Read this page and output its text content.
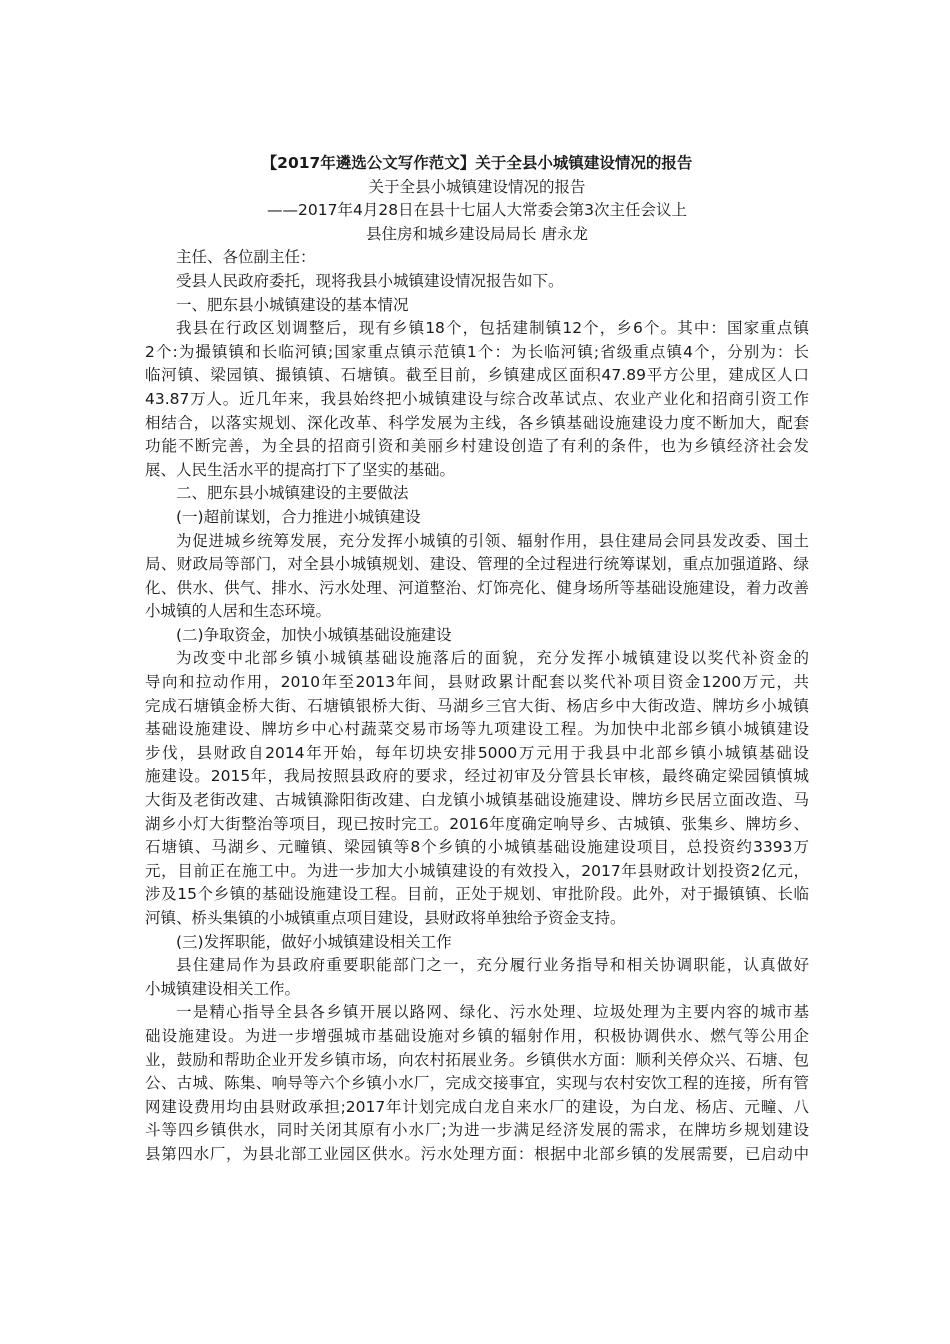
【2017年遴选公文写作范文】关于全县小城镇建设情况的报告
关于全县小城镇建设情况的报告
——2017年4月28日在县十七届人大常委会第3次主任会议上
县住房和城乡建设局局长 唐永龙
主任、各位副主任：
受县人民政府委托，现将我县小城镇建设情况报告如下。
一、肥东县小城镇建设的基本情况
我县在行政区划调整后，现有乡镇18个，包括建制镇12个，乡6个。其中：国家重点镇
2个:为撮镇镇和长临河镇;国家重点镇示范镇1个：为长临河镇;省级重点镇4个，分别为：长
临河镇、梁园镇、撮镇镇、石塘镇。截至目前，乡镇建成区面积47.89平方公里，建成区人口
43.87万人。近几年来，我县始终把小城镇建设与综合改革试点、农业产业化和招商引资工作
相结合，以落实规划、深化改革、科学发展为主线，各乡镇基础设施建设力度不断加大，配套
功能不断完善，为全县的招商引资和美丽乡村建设创造了有利的条件，也为乡镇经济社会发
展、人民生活水平的提高打下了坚实的基础。
二、肥东县小城镇建设的主要做法
(一)超前谋划，合力推进小城镇建设
为促进城乡统筹发展，充分发挥小城镇的引领、辐射作用，县住建局会同县发改委、国土
局、财政局等部门，对全县小城镇规划、建设、管理的全过程进行统筹谋划，重点加强道路、绿
化、供水、供气、排水、污水处理、河道整治、灯饰亮化、健身场所等基础设施建设，着力改善
小城镇的人居和生态环境。
(二)争取资金，加快小城镇基础设施建设
为改变中北部乡镇小城镇基础设施落后的面貌，充分发挥小城镇建设以奖代补资金的
导向和拉动作用，2010年至2013年间，县财政累计配套以奖代补项目资金1200万元，共
完成石塘镇金桥大街、石塘镇银桥大街、马湖乡三官大街、杨店乡中大街改造、牌坊乡小城镇
基础设施建设、牌坊乡中心村蔬菜交易市场等九项建设工程。为加快中北部乡镇小城镇建设
步伐，县财政自2014年开始，每年切块安排5000万元用于我县中北部乡镇小城镇基础设
施建设。2015年，我局按照县政府的要求，经过初审及分管县长审核，最终确定梁园镇慎城
大街及老街改建、古城镇滁阳街改建、白龙镇小城镇基础设施建设、牌坊乡民居立面改造、马
湖乡小灯大街整治等项目，现已按时完工。2016年度确定响导乡、古城镇、张集乡、牌坊乡、
石塘镇、马湖乡、元疃镇、梁园镇等8个乡镇的小城镇基础设施建设项目，总投资约3393万
元，目前正在施工中。为进一步加大小城镇建设的有效投入，2017年县财政计划投资2亿元，
涉及15个乡镇的基础设施建设工程。目前，正处于规划、审批阶段。此外，对于撮镇镇、长临
河镇、桥头集镇的小城镇重点项目建设，县财政将单独给予资金支持。
(三)发挥职能，做好小城镇建设相关工作
县住建局作为县政府重要职能部门之一，充分履行业务指导和相关协调职能，认真做好
小城镇建设相关工作。
一是精心指导全县各乡镇开展以路网、绿化、污水处理、垃圾处理为主要内容的城市基
础设施建设。为进一步增强城市基础设施对乡镇的辐射作用，积极协调供水、燃气等公用企
业，鼓励和帮助企业开发乡镇市场，向农村拓展业务。乡镇供水方面：顺利关停众兴、石塘、包
公、古城、陈集、响导等六个乡镇小水厂，完成交接事宜，实现与农村安饮工程的连接，所有管
网建设费用均由县财政承担;2017年计划完成白龙自来水厂的建设，为白龙、杨店、元疃、八
斗等四乡镇供水，同时关闭其原有小水厂;为进一步满足经济发展的需求，在牌坊乡规划建设
县第四水厂，为县北部工业园区供水。污水处理方面：根据中北部乡镇的发展需要，已启动中
